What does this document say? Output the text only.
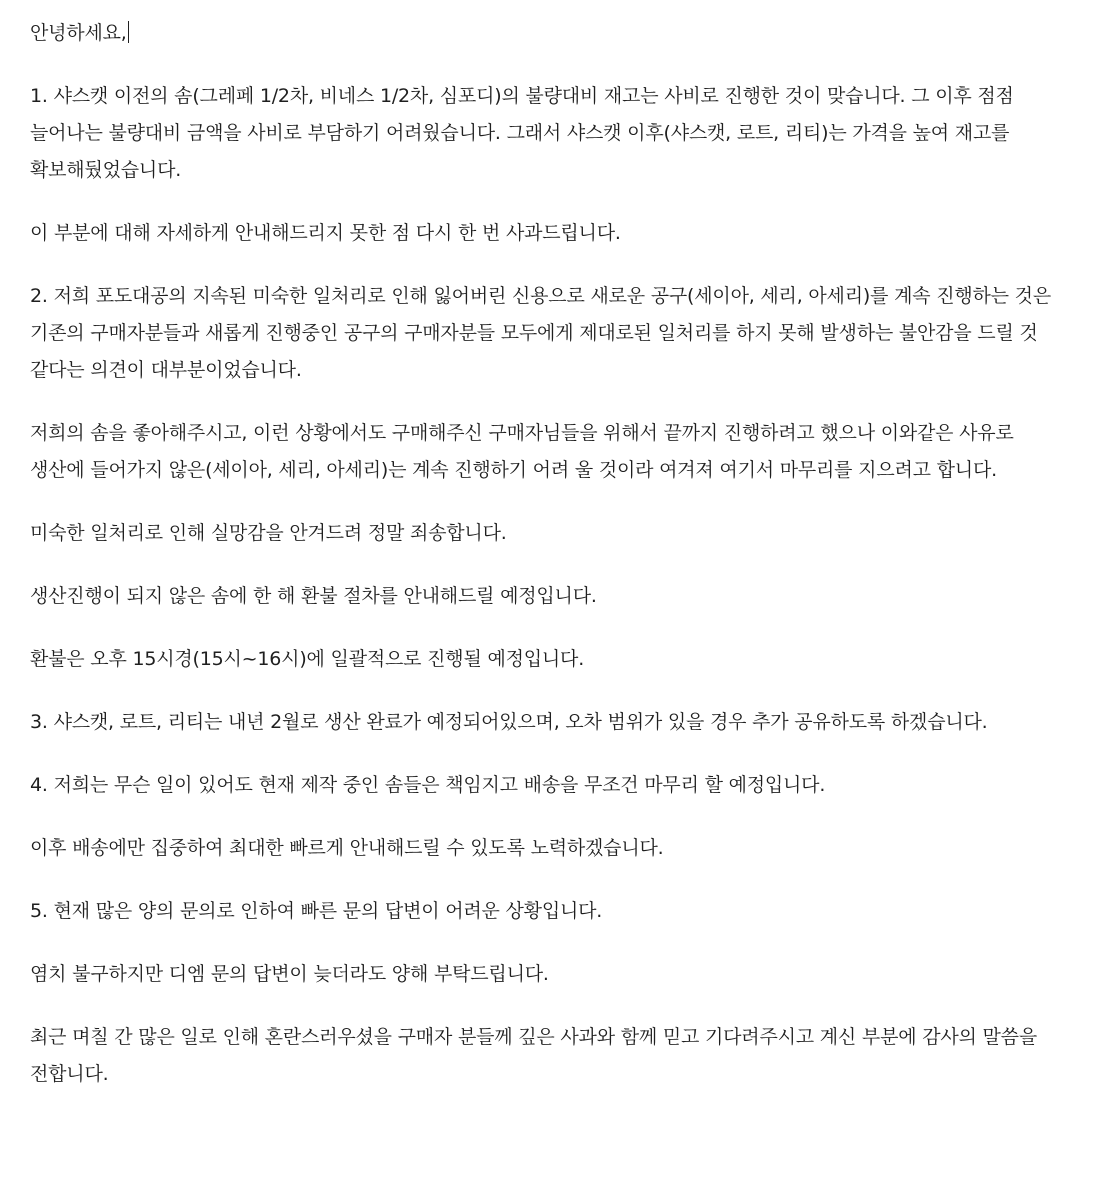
안녕하세요,

1. 샤스캣 이전의 솜(그레페 1/2차, 비네스 1/2차, 심포디)의 불량대비 재고는 사비로 진행한 것이 맞습니다. 그 이후 점점 늘어나는 불량대비 금액을 사비로 부담하기 어려웠습니다. 그래서 샤스캣 이후(샤스캣, 로트, 리티)는 가격을 높여 재고를 확보해뒀었습니다.

이 부분에 대해 자세하게 안내해드리지 못한 점 다시 한 번 사과드립니다.

2. 저희 포도대공의 지속된 미숙한 일처리로 인해 잃어버린 신용으로 새로운 공구(세이아, 세리, 아세리)를 계속 진행하는 것은 기존의 구매자분들과 새롭게 진행중인 공구의 구매자분들 모두에게 제대로된 일처리를 하지 못해 발생하는 불안감을 드릴 것 같다는 의견이 대부분이었습니다.

저희의 솜을 좋아해주시고, 이런 상황에서도 구매해주신 구매자님들을 위해서 끝까지 진행하려고 했으나 이와같은 사유로 생산에 들어가지 않은(세이아, 세리, 아세리)는 계속 진행하기 어려 울 것이라 여겨져 여기서 마무리를 지으려고 합니다.

미숙한 일처리로 인해 실망감을 안겨드려 정말 죄송합니다.

생산진행이 되지 않은 솜에 한 해 환불 절차를 안내해드릴 예정입니다.

환불은 오후 15시경(15시~16시)에 일괄적으로 진행될 예정입니다.

3. 샤스캣, 로트, 리티는 내년 2월로 생산 완료가 예정되어있으며, 오차 범위가 있을 경우 추가 공유하도록 하겠습니다.

4. 저희는 무슨 일이 있어도 현재 제작 중인 솜들은 책임지고 배송을 무조건 마무리 할 예정입니다.

이후 배송에만 집중하여 최대한 빠르게 안내해드릴 수 있도록 노력하겠습니다.

5. 현재 많은 양의 문의로 인하여 빠른 문의 답변이 어려운 상황입니다.

염치 불구하지만 디엠 문의 답변이 늦더라도 양해 부탁드립니다.

최근 며칠 간 많은 일로 인해 혼란스러우셨을 구매자 분들께 깊은 사과와 함께 믿고 기다려주시고 계신 부분에 감사의 말씀을 전합니다.
